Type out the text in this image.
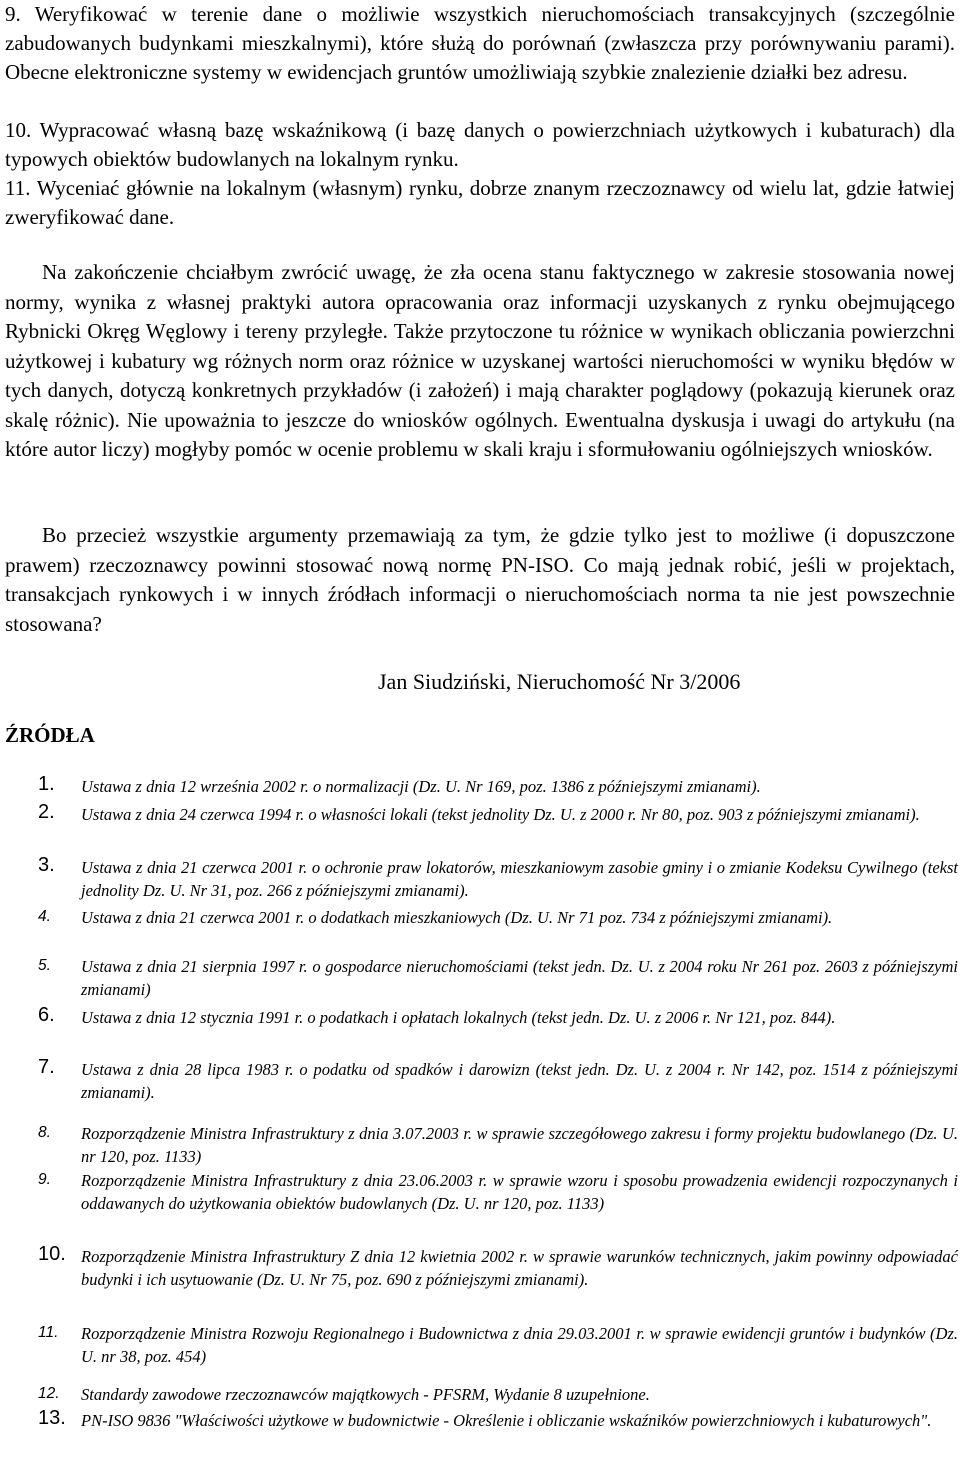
9. Weryfikować w terenie dane o możliwie wszystkich nieruchomościach transakcyjnych (szczególnie zabudowanych budynkami mieszkalnymi), które służą do porównań (zwłaszcza przy porównywaniu parami). Obecne elektroniczne systemy w ewidencjach gruntów umożliwiają szybkie znalezienie działki bez adresu.
10. Wypracować własną bazę wskaźnikową (i bazę danych o powierzchniach użytkowych i kubaturach) dla typowych obiektów budowlanych na lokalnym rynku.
11. Wyceniać głównie na lokalnym (własnym) rynku, dobrze znanym rzeczoznawcy od wielu lat, gdzie łatwiej zweryfikować dane.

Na zakończenie chciałbym zwrócić uwagę, że zła ocena stanu faktycznego w zakresie stosowania nowej normy, wynika z własnej praktyki autora opracowania oraz informacji uzyskanych z rynku obejmującego Rybnicki Okręg Węglowy i tereny przyległe. Także przytoczone tu różnice w wynikach obliczania powierzchni użytkowej i kubatury wg różnych norm oraz różnice w uzyskanej wartości nieruchomości w wyniku błędów w tych danych, dotyczą konkretnych przykładów (i założeń) i mają charakter poglądowy (pokazują kierunek oraz skalę różnic). Nie upoważnia to jeszcze do wniosków ogólnych. Ewentualna dyskusja i uwagi do artykułu (na które autor liczy) mogłyby pomóc w ocenie problemu w skali kraju i sformułowaniu ogólniejszych wniosków.

Bo przecież wszystkie argumenty przemawiają za tym, że gdzie tylko jest to możliwe (i dopuszczone prawem) rzeczoznawcy powinni stosować nową normę PN-ISO. Co mają jednak robić, jeśli w projektach, transakcjach rynkowych i w innych źródłach informacji o nieruchomościach norma ta nie jest powszechnie stosowana?

Jan Siudziński, Nieruchomość Nr 3/2006
ŹRÓDŁA
1. Ustawa z dnia 12 września 2002 r. o normalizacji (Dz. U. Nr 169, poz. 1386 z późniejszymi zmianami).
2. Ustawa z dnia 24 czerwca 1994 r. o własności lokali (tekst jednolity Dz. U. z 2000 r. Nr 80, poz. 903 z późniejszymi zmianami).
3. Ustawa z dnia 21 czerwca 2001 r. o ochronie praw lokatorów, mieszkaniowym zasobie gminy i o zmianie Kodeksu Cywilnego (tekst jednolity Dz. U. Nr 31, poz. 266 z późniejszymi zmianami).
4. Ustawa z dnia 21 czerwca 2001 r. o dodatkach mieszkaniowych (Dz. U. Nr 71 poz. 734 z późniejszymi zmianami).
5. Ustawa z dnia 21 sierpnia 1997 r. o gospodarce nieruchomościami (tekst jedn. Dz. U. z 2004 roku Nr 261 poz. 2603 z późniejszymi zmianami)
6. Ustawa z dnia 12 stycznia 1991 r. o podatkach i opłatach lokalnych (tekst jedn. Dz. U. z 2006 r. Nr 121, poz. 844).
7. Ustawa z dnia 28 lipca 1983 r. o podatku od spadków i darowizn (tekst jedn. Dz. U. z 2004 r. Nr 142, poz. 1514 z późniejszymi zmianami).
8. Rozporządzenie Ministra Infrastruktury z dnia 3.07.2003 r. w sprawie szczegółowego zakresu i formy projektu budowlanego (Dz. U. nr 120, poz. 1133)
9. Rozporządzenie Ministra Infrastruktury z dnia 23.06.2003 r. w sprawie wzoru i sposobu prowadzenia ewidencji rozpoczynanych i oddawanych do użytkowania obiektów budowlanych (Dz. U. nr 120, poz. 1133)
10. Rozporządzenie Ministra Infrastruktury Z dnia 12 kwietnia 2002 r. w sprawie warunków technicznych, jakim powinny odpowiadać budynki i ich usytuowanie (Dz. U. Nr 75, poz. 690 z późniejszymi zmianami).
11. Rozporządzenie Ministra Rozwoju Regionalnego i Budownictwa z dnia 29.03.2001 r. w sprawie ewidencji gruntów i budynków (Dz. U. nr 38, poz. 454)
12. Standardy zawodowe rzeczoznawców majątkowych - PFSRM, Wydanie 8 uzupełnione.
13. PN-ISO 9836 "Właściwości użytkowe w budownictwie - Określenie i obliczanie wskaźników powierzchniowych i kubaturowych".
